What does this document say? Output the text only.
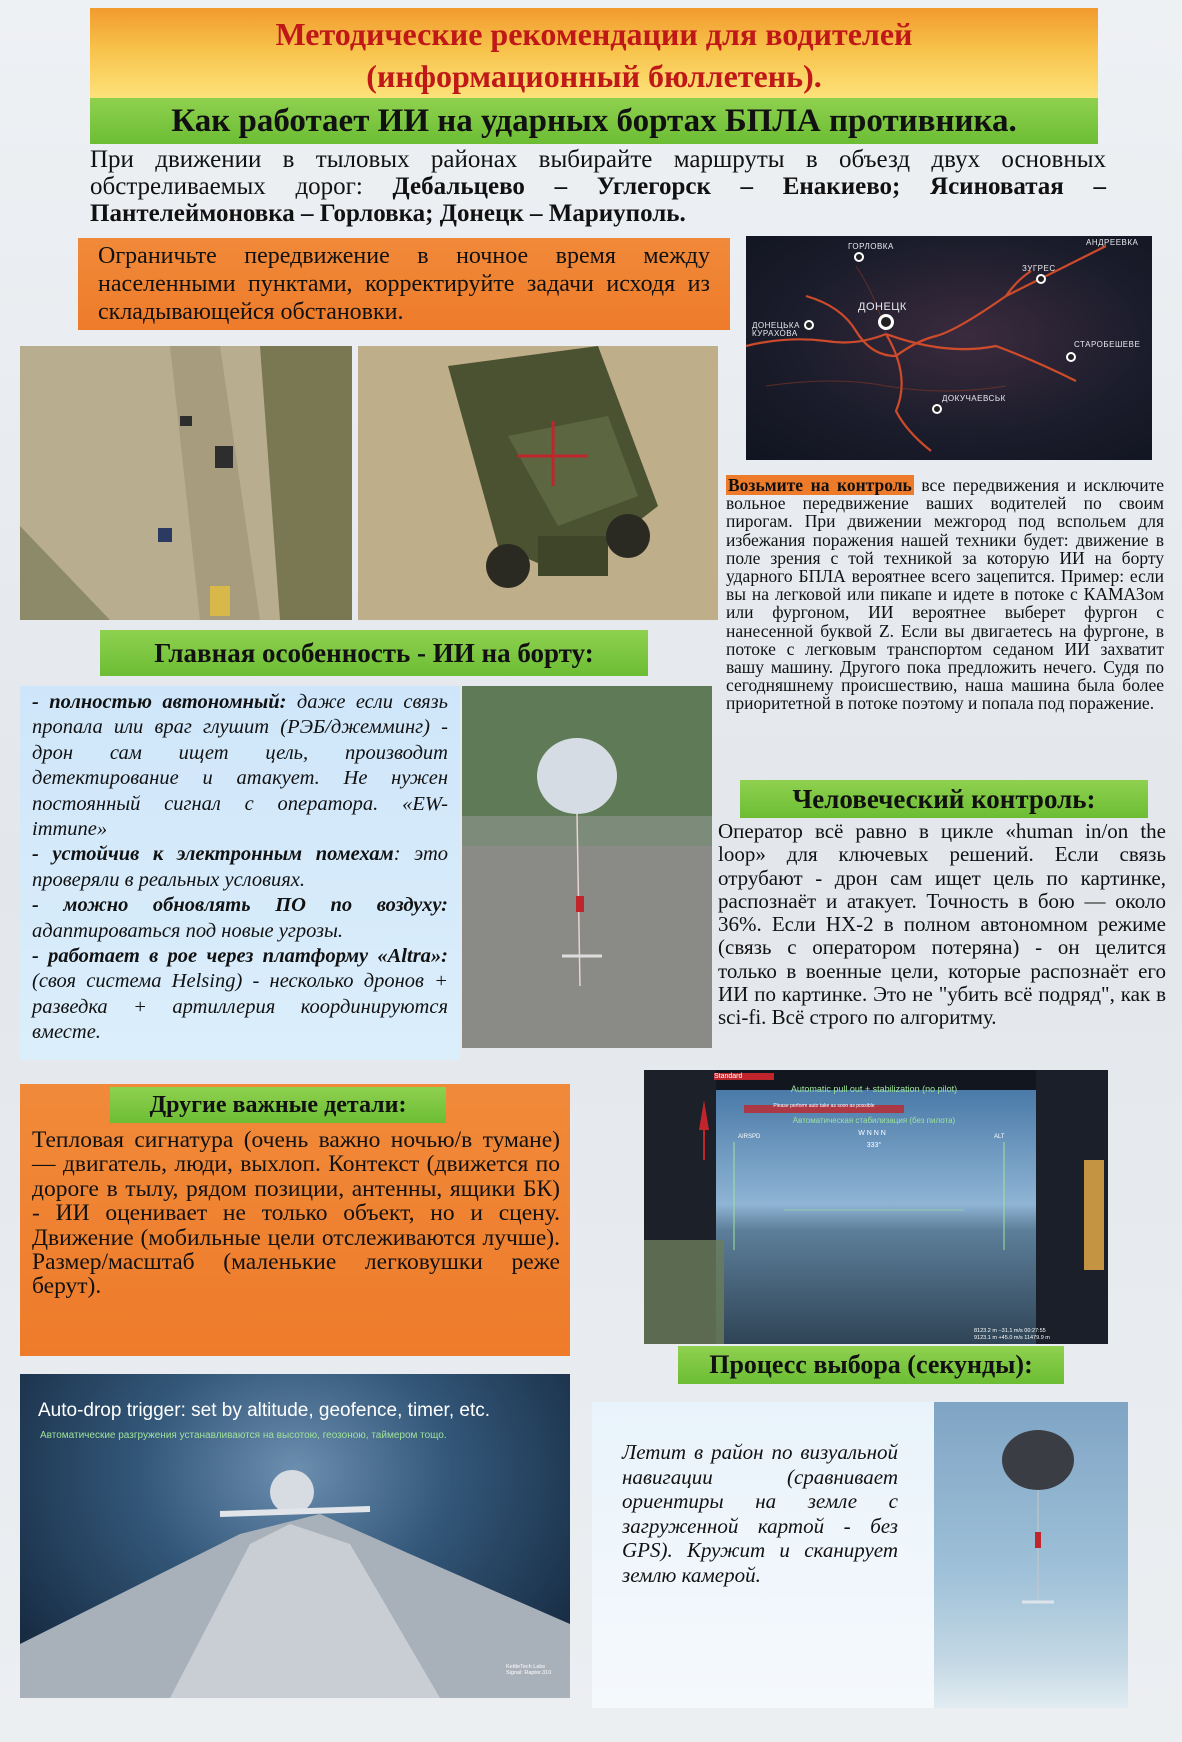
Методические рекомендации для водителей
(информационный бюллетень).
Как работает ИИ на ударных бортах БПЛА противника.
При движении в тыловых районах выбирайте маршруты в объезд двух основных обстреливаемых дорог: Дебальцево – Углегорск – Енакиево; Ясиноватая – Пантелеймоновка – Горловка; Донецк – Мариуполь.
Ограничьте передвижение в ночное время между населенными пунктами, корректируйте задачи исходя из складывающейся обстановки.
АНДРЕЕВКА
ГОРЛОВКА
ЗУГРЕС
ДОНЕЦК
ДОНЕЦЬКА КУРАХОВА
СТАРОБЕШЕВЕ
ДОКУЧАЕВСЬК
Возьмите на контроль все передвижения и исключите вольное передвижение ваших водителей по своим пирогам. При движении межгород под вспольем для избежания поражения нашей техники будет: движение в поле зрения с той техникой за которую ИИ на борту ударного БПЛА вероятнее всего зацепится. Пример: если вы на легковой или пикапе и идете в потоке с КАМАЗом или фургоном, ИИ вероятнее выберет фургон с нанесенной буквой Z. Если вы двигаетесь на фургоне, в потоке с легковым транспортом седаном ИИ захватит вашу машину. Другого пока предложить нечего. Судя по сегодняшнему происшествию, наша машина была более приоритетной в потоке поэтому и попала под поражение.
Главная особенность - ИИ на борту:
- полностью автономный: даже если связь пропала или враг глушит (РЭБ/джемминг) - дрон сам ищет цель, производит детектирование и атакует. Не нужен постоянный сигнал с оператора. «EW-immune»
- устойчив к электронным помехам: это проверяли в реальных условиях.
- можно обновлять ПО по воздуху: адаптироваться под новые угрозы.
- работает в рое через платформу «Altra»: (своя система Helsing) - несколько дронов + разведка + артиллерия координируются вместе.
Человеческий контроль:
Оператор всё равно в цикле «human in/on the loop» для ключевых решений. Если связь отрубают - дрон сам ищет цель по картинке, распознаёт и атакует. Точность в бою — около 36%. Если HX-2 в полном автономном режиме (связь с оператором потеряна) - он целится только в военные цели, которые распознаёт его ИИ по картинке. Это не "убить всё подряд", как в sci-fi. Всё строго по алгоритму.
Тепловая сигнатура (очень важно ночью/в тумане) — двигатель, люди, выхлоп. Контекст (движется по дороге в тылу, рядом позиции, антенны, ящики БК) - ИИ оценивает не только объект, но и сцену. Движение (мобильные цели отслеживаются лучше). Размер/масштаб (маленькие легковушки реже берут).
Другие важные детали:
Automatic pull out + stabilization (no pilot)
Please perform auto take as soon as possible
Автоматическая стабилизация (без пилота)
Standard
W N N N
333°
AIRSPD	ALT
8123.2 m −31.1 m/s 00:27:55
9123.1 m +45.0 m/s 11479.9 m
Процесс выбора (секунды):
Auto-drop trigger: set by altitude, geofence, timer, etc.
Автоматические разгружения устанавливаются на высотою, геозоною, таймером тощо.
KettleTech Labs
Signal: Raptor.310
Летит в район по визуальной навигации (сравнивает ориентиры на земле с загруженной картой - без GPS). Кружит и сканирует землю камерой.
